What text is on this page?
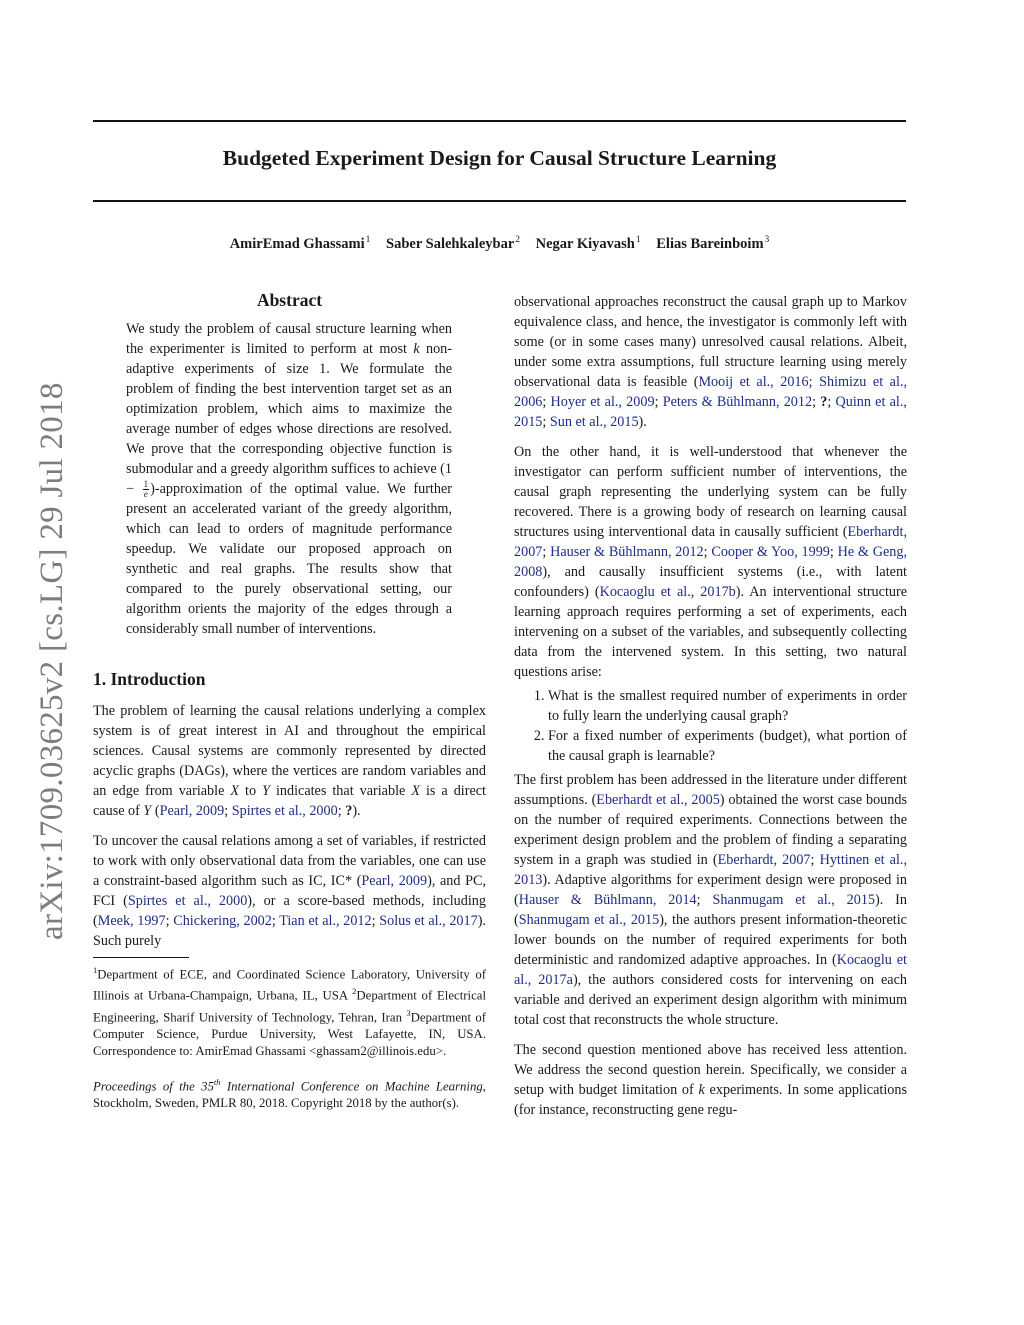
Budgeted Experiment Design for Causal Structure Learning
AmirEmad Ghassami$^1$ Saber Salehkaleybar$^2$ Negar Kiyavash$^1$ Elias Bareinboim$^3$
arXiv:1709.03625v2 [cs.LG] 29 Jul 2018
Abstract

We study the problem of causal structure learning when the experimenter is limited to perform at most k non-adaptive experiments of size 1. We formulate the problem of finding the best intervention target set as an optimization problem, which aims to maximize the average number of edges whose directions are resolved. We prove that the corresponding objective function is submodular and a greedy algorithm suffices to achieve ($1 - \frac{1}{e}$ )-approximation of the optimal value. We further present an accelerated variant of the greedy algorithm, which can lead to orders of magnitude performance speedup. We validate our proposed approach on synthetic and real graphs. The results show that compared to the purely observational setting, our algorithm orients the majority of the edges through a considerably small number of interventions.

1. Introduction

The problem of learning the causal relations underlying a complex system is of great interest in AI and throughout the empirical sciences. Causal systems are commonly represented by directed acyclic graphs (DAGs), where the vertices are random variables and an edge from variable X to Y indicates that variable X is a direct cause of Y (Pearl, 2009; Spirtes et al., 2000; ?).

To uncover the causal relations among a set of variables, if restricted to work with only observational data from the variables, one can use a constraint-based algorithm such as IC, IC* (Pearl, 2009), and PC, FCI (Spirtes et al., 2000), or a score-based methods, including (Meek, 1997; Chickering, 2002; Tian et al., 2012; Solus et al., 2017). Such purely

$^1$Department of ECE, and Coordinated Science Laboratory, University of Illinois at Urbana-Champaign, Urbana, IL, USA $^2$Department of Electrical Engineering, Sharif University of Technology, Tehran, Iran $^3$Department of Computer Science, Purdue University, West Lafayette, IN, USA. Correspondence to: AmirEmad Ghassami <ghassam2@illinois.edu>.

Proceedings of the 35th International Conference on Machine Learning, Stockholm, Sweden, PMLR 80, 2018. Copyright 2018 by the author(s).

observational approaches reconstruct the causal graph up to Markov equivalence class, and hence, the investigator is commonly left with some (or in some cases many) unresolved causal relations. Albeit, under some extra assumptions, full structure learning using merely observational data is feasible (Mooij et al., 2016; Shimizu et al., 2006; Hoyer et al., 2009; Peters & Bühlmann, 2012; ?; Quinn et al., 2015; Sun et al., 2015).

On the other hand, it is well-understood that whenever the investigator can perform sufficient number of interventions, the causal graph representing the underlying system can be fully recovered. There is a growing body of research on learning causal structures using interventional data in causally sufficient (Eberhardt, 2007; Hauser & Bühlmann, 2012; Cooper & Yoo, 1999; He & Geng, 2008), and causally insufficient systems (i.e., with latent confounders) (Kocaoglu et al., 2017b). An interventional structure learning approach requires performing a set of experiments, each intervening on a subset of the variables, and subsequently collecting data from the intervened system. In this setting, two natural questions arise:

1. What is the smallest required number of experiments in order to fully learn the underlying causal graph?
2. For a fixed number of experiments (budget), what portion of the causal graph is learnable?

The first problem has been addressed in the literature under different assumptions. (Eberhardt et al., 2005) obtained the worst case bounds on the number of required experiments. Connections between the experiment design problem and the problem of finding a separating system in a graph was studied in (Eberhardt, 2007; Hyttinen et al., 2013). Adaptive algorithms for experiment design were proposed in (Hauser & Bühlmann, 2014; Shanmugam et al., 2015). In (Shanmugam et al., 2015), the authors present information-theoretic lower bounds on the number of required experiments for both deterministic and randomized adaptive approaches. In (Kocaoglu et al., 2017a), the authors considered costs for intervening on each variable and derived an experiment design algorithm with minimum total cost that reconstructs the whole structure.

The second question mentioned above has received less attention. We address the second question herein. Specifically, we consider a setup with budget limitation of k experiments. In some applications (for instance, reconstructing gene regu-
